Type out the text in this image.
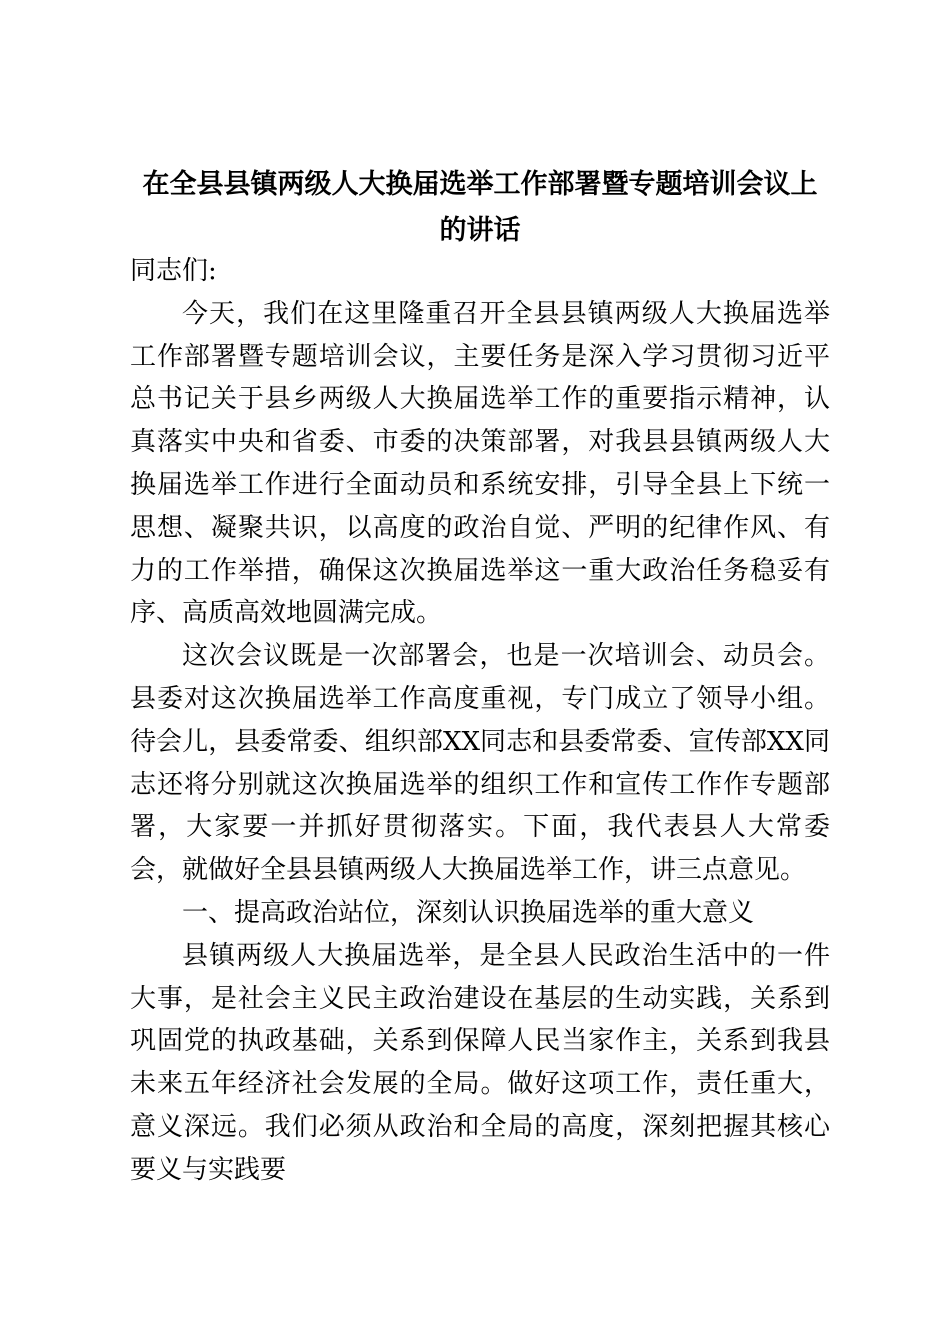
在全县县镇两级人大换届选举工作部署暨专题培训会议上的讲话

同志们:

今天，我们在这里隆重召开全县县镇两级人大换届选举工作部署暨专题培训会议，主要任务是深入学习贯彻习近平总书记关于县乡两级人大换届选举工作的重要指示精神，认真落实中央和省委、市委的决策部署，对我县县镇两级人大换届选举工作进行全面动员和系统安排，引导全县上下统一思想、凝聚共识，以高度的政治自觉、严明的纪律作风、有力的工作举措，确保这次换届选举这一重大政治任务稳妥有序、高质高效地圆满完成。

这次会议既是一次部署会，也是一次培训会、动员会。县委对这次换届选举工作高度重视，专门成立了领导小组。待会儿，县委常委、组织部XX同志和县委常委、宣传部XX同志还将分别就这次换届选举的组织工作和宣传工作作专题部署，大家要一并抓好贯彻落实。下面，我代表县人大常委会，就做好全县县镇两级人大换届选举工作，讲三点意见。

一、提高政治站位，深刻认识换届选举的重大意义

县镇两级人大换届选举，是全县人民政治生活中的一件大事，是社会主义民主政治建设在基层的生动实践，关系到巩固党的执政基础，关系到保障人民当家作主，关系到我县未来五年经济社会发展的全局。做好这项工作，责任重大，意义深远。我们必须从政治和全局的高度，深刻把握其核心要义与实践要
